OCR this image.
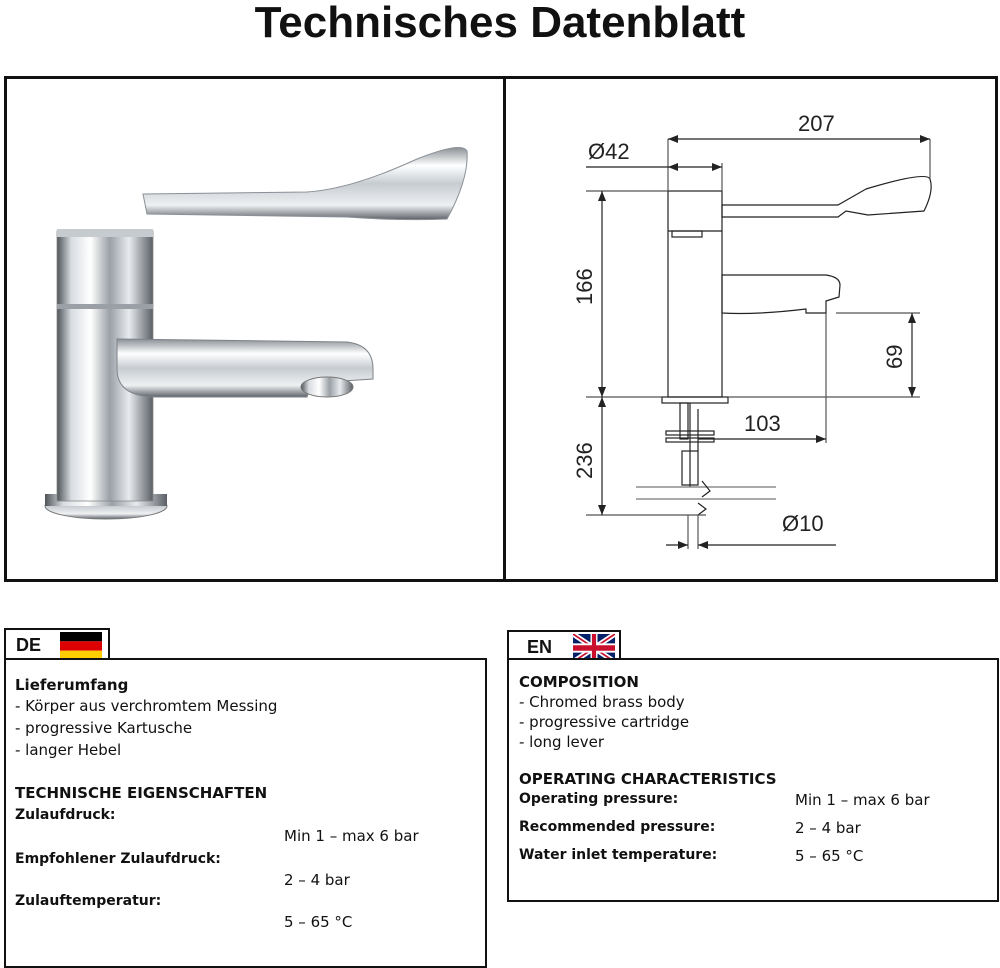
Technisches Datenblatt
207
Ø42
166
69
103
236
Ø10
DE
Lieferumfang
- Körper aus verchromtem Messing
- progressive Kartusche
- langer Hebel
TECHNISCHE EIGENSCHAFTEN
Zulaufdruck:
Min 1 – max 6 bar
Empfohlener Zulaufdruck:
2 – 4 bar
Zulauftemperatur:
5 – 65 °C
EN
COMPOSITION
- Chromed brass body
- progressive cartridge
- long lever
OPERATING CHARACTERISTICS
Operating pressure:	Min 1 – max 6 bar
Recommended pressure:	2 – 4 bar
Water inlet temperature:	5 – 65 °C
